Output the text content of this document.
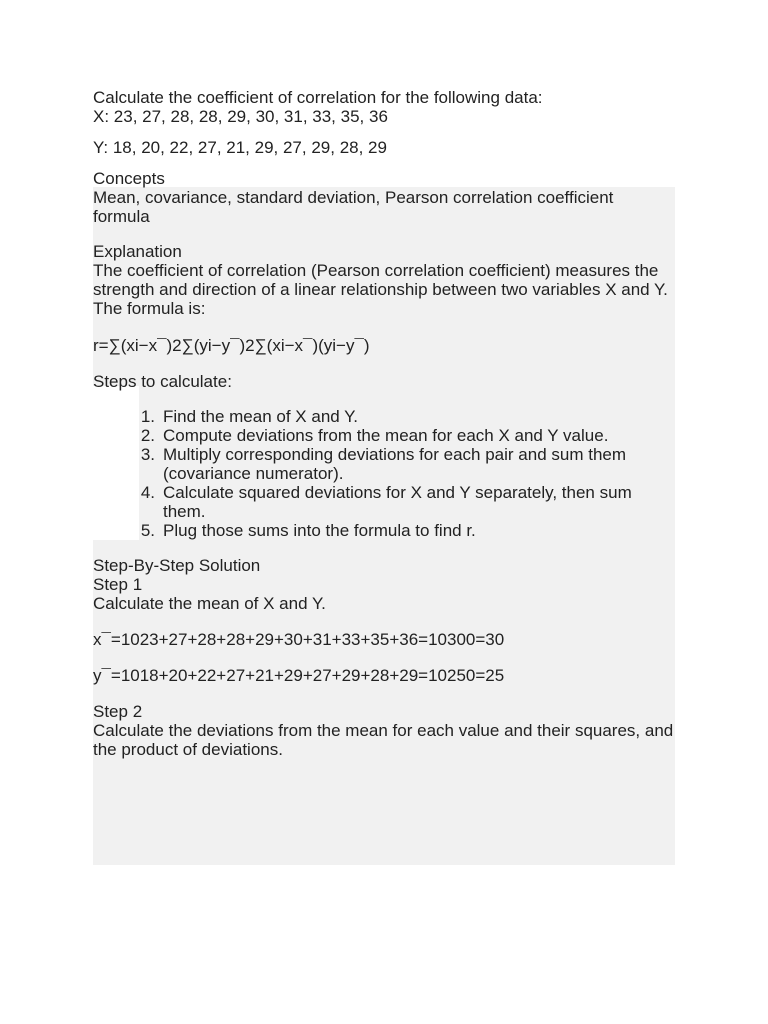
Calculate the coefficient of correlation for the following data:

X: 23, 27, 28, 28, 29, 30, 31, 33, 35, 36

Y: 18, 20, 22, 27, 21, 29, 27, 29, 28, 29

Concepts

Mean, covariance, standard deviation, Pearson correlation coefficient formula

Explanation

The coefficient of correlation (Pearson correlation coefficient) measures the strength and direction of a linear relationship between two variables X and Y. The formula is:

r=∑(xi−x¯)2∑(yi−y¯)2∑(xi−x¯)(yi−y¯)

Steps to calculate:

1. Find the mean of X and Y.
2. Compute deviations from the mean for each X and Y value.
3. Multiply corresponding deviations for each pair and sum them (covariance numerator).
4. Calculate squared deviations for X and Y separately, then sum them.
5. Plug those sums into the formula to find r.

Step-By-Step Solution

Step 1

Calculate the mean of X and Y.

x¯=1023+27+28+28+29+30+31+33+35+36=10300=30

y¯=1018+20+22+27+21+29+27+29+28+29=10250=25

Step 2

Calculate the deviations from the mean for each value and their squares, and the product of deviations.
